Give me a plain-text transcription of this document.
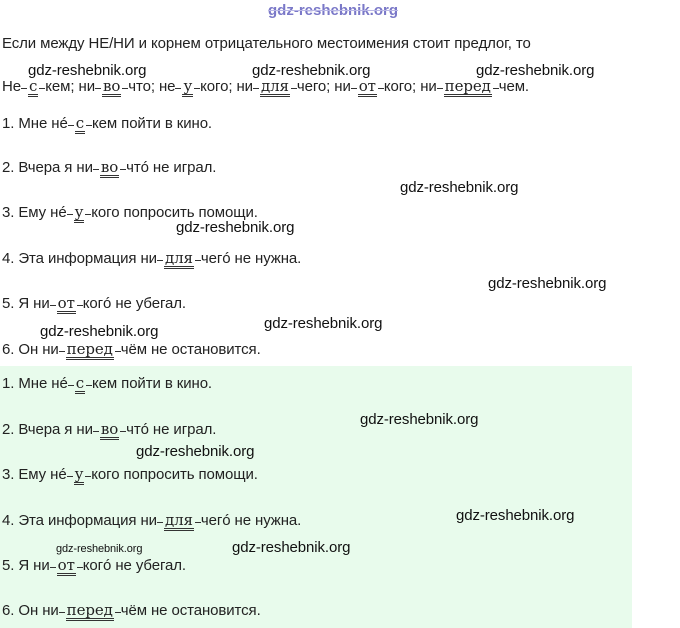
gdz-reshebnik.org
Если между НЕ/НИ и корнем отрицательного местоимения стоит предлог, то
Не с кем; ни во что; не у кого; ни для чего; ни от кого; ни перед чем.
1. Мне нé с кем пойти в кино.
2. Вчера я ни во чтó не играл.
3. Ему нé у кого попросить помощи.
4. Эта информация ни для чегó не нужна.
5. Я ни от когó не убегал.
6. Он ни перед чём не остановится.
1. Мне нé с кем пойти в кино.
2. Вчера я ни во чтó не играл.
3. Ему нé у кого попросить помощи.
4. Эта информация ни для чегó не нужна.
5. Я ни от когó не убегал.
6. Он ни перед чём не остановится.
gdz-reshebnik.org	gdz-reshebnik.org	gdz-reshebnik.org
gdz-reshebnik.org
gdz-reshebnik.org
gdz-reshebnik.org
gdz-reshebnik.org	gdz-reshebnik.org
gdz-reshebnik.org
gdz-reshebnik.org
gdz-reshebnik.org
gdz-reshebnik.org	gdz-reshebnik.org
